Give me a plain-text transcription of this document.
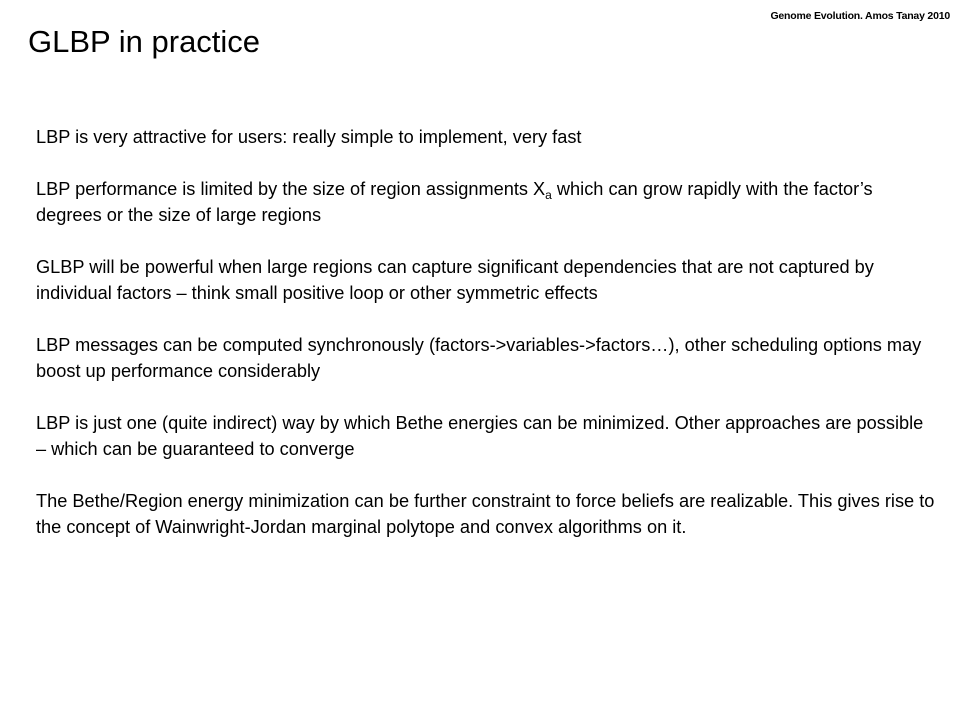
Genome Evolution. Amos Tanay 2010
GLBP in practice

LBP is very attractive for users: really simple to implement, very fast

LBP performance is limited by the size of region assignments $X_a$ which can grow rapidly with the factor’s degrees or the size of large regions

GLBP will be powerful when large regions can capture significant dependencies that are not captured by individual factors – think small positive loop or other symmetric effects

LBP messages can be computed synchronously (factors->variables->factors…), other scheduling options may boost up performance considerably

LBP is just one (quite indirect) way by which Bethe energies can be minimized. Other approaches are possible – which can be guaranteed to converge

The Bethe/Region energy minimization can be further constraint to force beliefs are realizable. This gives rise to the concept of Wainwright-Jordan marginal polytope and convex algorithms on it.
